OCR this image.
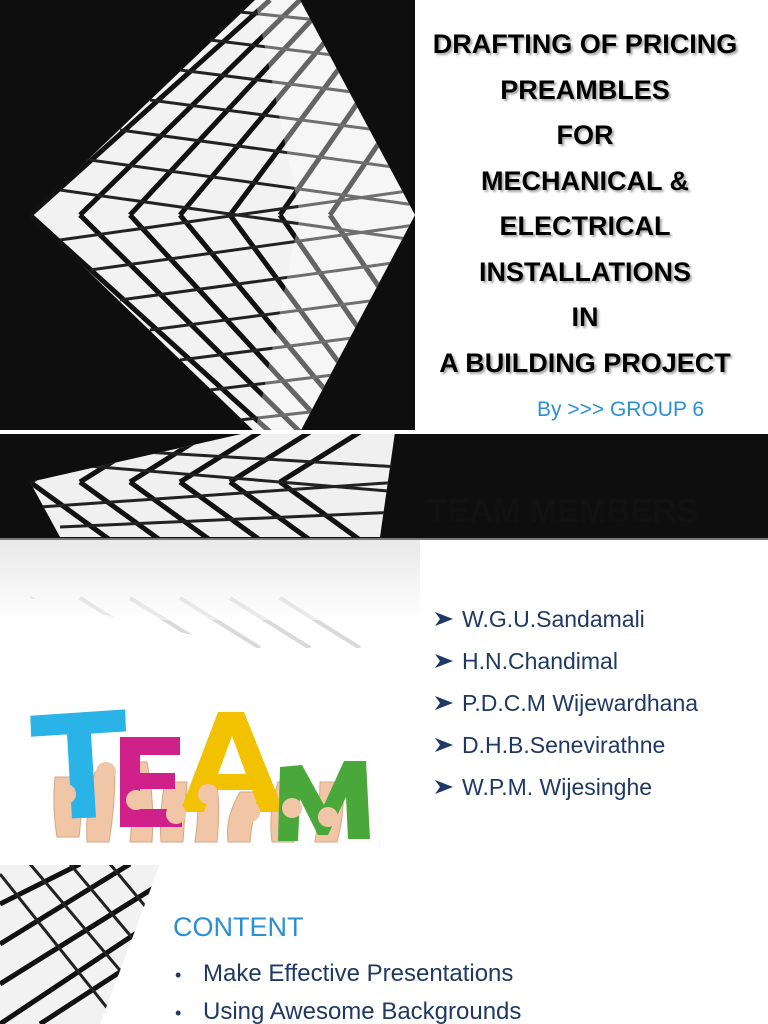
DRAFTING OF PRICING
PREAMBLES
FOR
MECHANICAL &
ELECTRICAL
INSTALLATIONS
IN
A BUILDING PROJECT
By >>> GROUP 6
TEAM MEMBERS
W.G.U.Sandamali
H.N.Chandimal
P.D.C.M Wijewardhana
D.H.B.Senevirathne
W.P.M. Wijesinghe
CONTENT
• Make Effective Presentations
• Using Awesome Backgrounds
